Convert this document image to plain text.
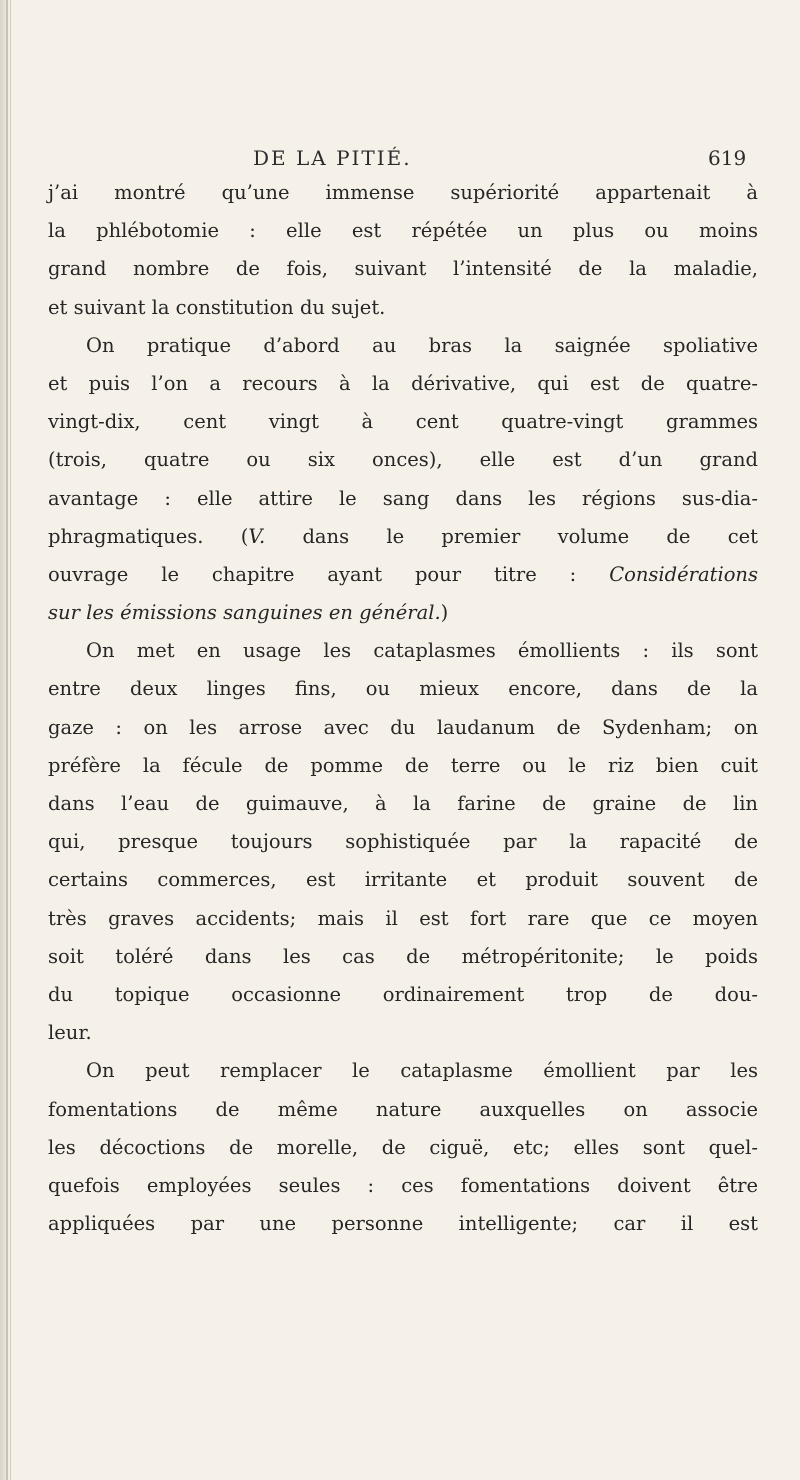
DE LA PITIÉ.	619
j’ai montré qu’une immense supériorité appartenait à
la phlébotomie : elle est répétée un plus ou moins
grand nombre de fois, suivant l’intensité de la maladie,
et suivant la constitution du sujet.
On pratique d’abord au bras la saignée spoliative
et puis l’on a recours à la dérivative, qui est de quatre-
vingt-dix, cent vingt à cent quatre-vingt grammes
(trois, quatre ou six onces), elle est d’un grand
avantage : elle attire le sang dans les régions sus-dia-
phragmatiques. (V. dans le premier volume de cet
ouvrage le chapitre ayant pour titre : Considérations
sur les émissions sanguines en général.)
On met en usage les cataplasmes émollients : ils sont
entre deux linges fins, ou mieux encore, dans de la
gaze : on les arrose avec du laudanum de Sydenham; on
préfère la fécule de pomme de terre ou le riz bien cuit
dans l’eau de guimauve, à la farine de graine de lin
qui, presque toujours sophistiquée par la rapacité de
certains commerces, est irritante et produit souvent de
très graves accidents; mais il est fort rare que ce moyen
soit toléré dans les cas de métropéritonite; le poids
du topique occasionne ordinairement trop de dou-
leur.
On peut remplacer le cataplasme émollient par les
fomentations de même nature auxquelles on associe
les décoctions de morelle, de ciguë, etc; elles sont quel-
quefois employées seules : ces fomentations doivent être
appliquées par une personne intelligente; car il est
